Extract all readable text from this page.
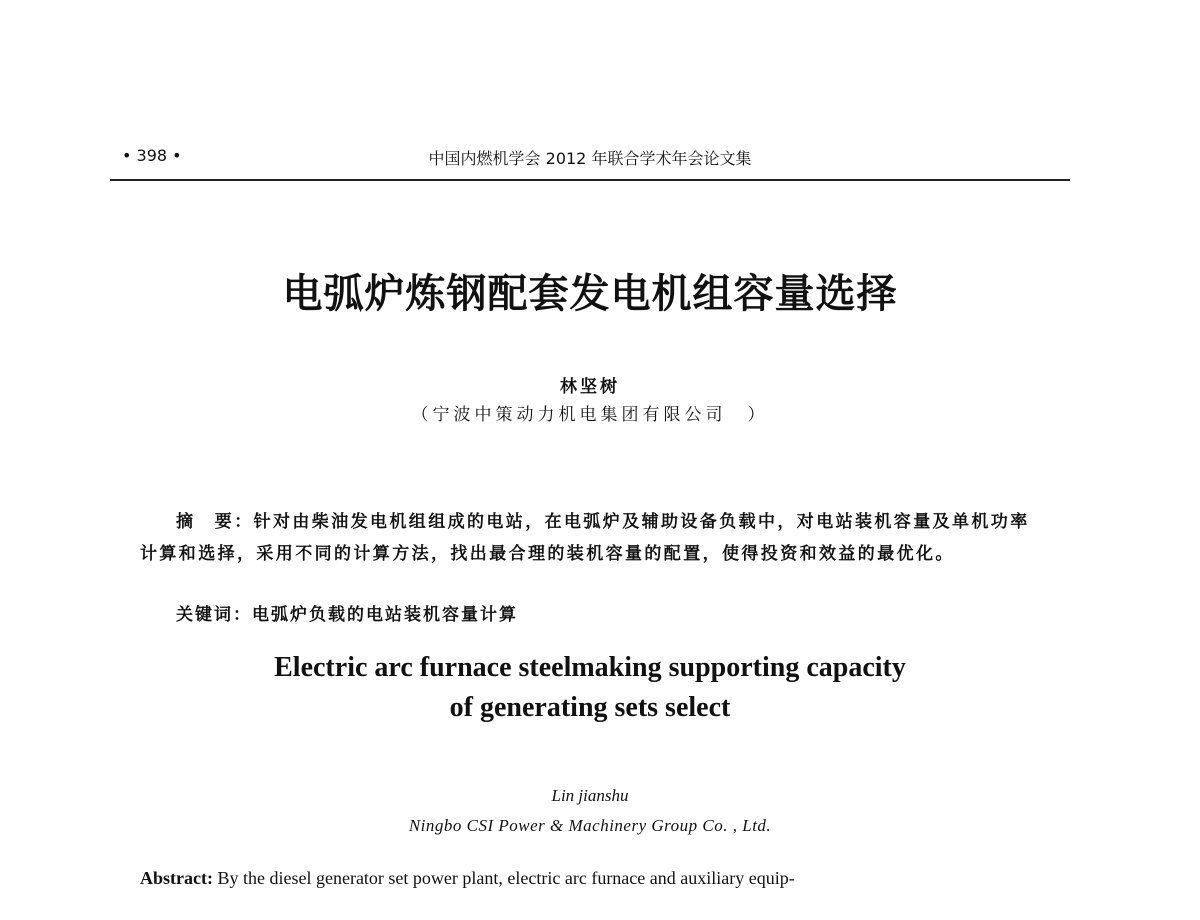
• 398 •	中国内燃机学会 2012 年联合学术年会论文集
电弧炉炼钢配套发电机组容量选择
林坚树
（宁波中策动力机电集团有限公司　）
摘　要：针对由柴油发电机组组成的电站，在电弧炉及辅助设备负载中，对电站装机容量及单机功率计算和选择，采用不同的计算方法，找出最合理的装机容量的配置，使得投资和效益的最优化。
关键词：电弧炉负载的电站装机容量计算
Electric arc furnace steelmaking supporting capacity
of generating sets select
Lin jianshu
Ningbo CSI Power & Machinery Group Co. , Ltd.
Abstract: By the diesel generator set power plant, electric arc furnace and auxiliary equip-
